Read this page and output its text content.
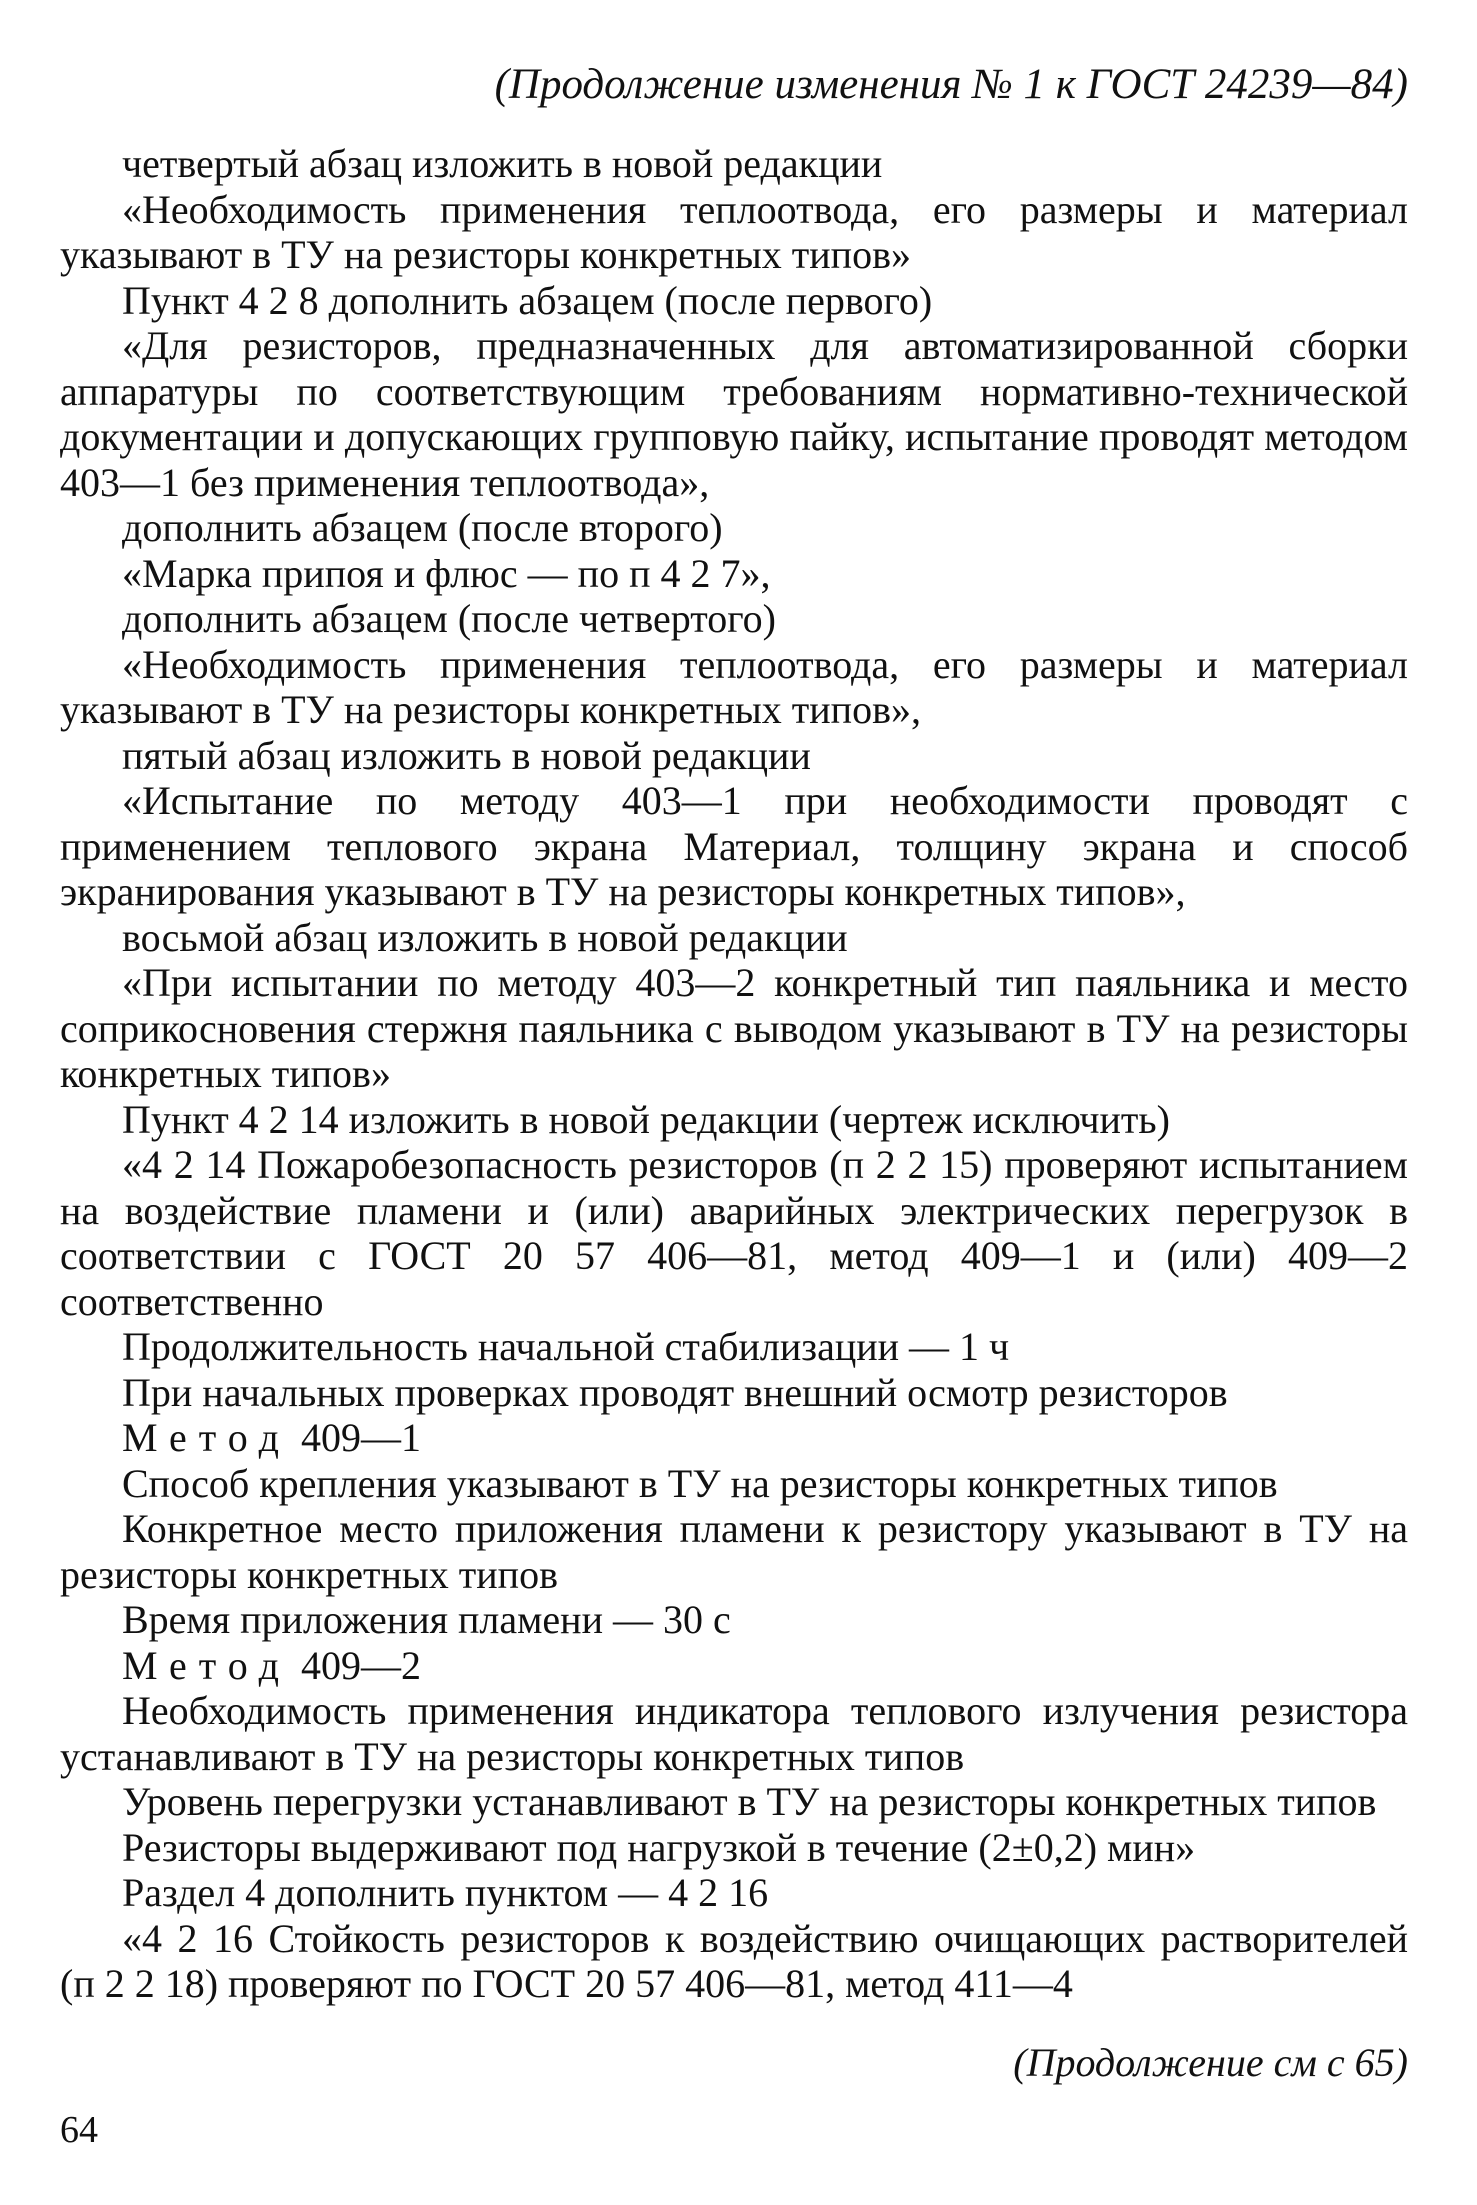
(Продолжение изменения № 1 к ГОСТ 24239—84)

четвертый абзац изложить в новой редакции

«Необходимость применения теплоотвода, его размеры и материал указывают в ТУ на резисторы конкретных типов»

Пункт 4 2 8 дополнить абзацем (после первого)

«Для резисторов, предназначенных для автоматизированной сборки аппаратуры по соответствующим требованиям нормативно-технической документации и допускающих групповую пайку, испытание проводят методом 403—1 без применения теплоотвода»,

дополнить абзацем (после второго)

«Марка припоя и флюс — по п 4 2 7»,

дополнить абзацем (после четвертого)

«Необходимость применения теплоотвода, его размеры и материал указывают в ТУ на резисторы конкретных типов»,

пятый абзац изложить в новой редакции

«Испытание по методу 403—1 при необходимости проводят с применением теплового экрана Материал, толщину экрана и способ экранирования указывают в ТУ на резисторы конкретных типов»,

восьмой абзац изложить в новой редакции

«При испытании по методу 403—2 конкретный тип паяльника и место соприкосновения стержня паяльника с выводом указывают в ТУ на резисторы конкретных типов»

Пункт 4 2 14 изложить в новой редакции (чертеж исключить)

«4 2 14 Пожаробезопасность резисторов (п 2 2 15) проверяют испытанием на воздействие пламени и (или) аварийных электрических перегрузок в соответствии с ГОСТ 20 57 406—81, метод 409—1 и (или) 409—2 соответственно

Продолжительность начальной стабилизации — 1 ч

При начальных проверках проводят внешний осмотр резисторов

Метод 409—1

Способ крепления указывают в ТУ на резисторы конкретных типов

Конкретное место приложения пламени к резистору указывают в ТУ на резисторы конкретных типов

Время приложения пламени — 30 с

Метод 409—2

Необходимость применения индикатора теплового излучения резистора устанавливают в ТУ на резисторы конкретных типов

Уровень перегрузки устанавливают в ТУ на резисторы конкретных типов

Резисторы выдерживают под нагрузкой в течение (2±0,2) мин»

Раздел 4 дополнить пунктом — 4 2 16

«4 2 16 Стойкость резисторов к воздействию очищающих растворителей (п 2 2 18) проверяют по ГОСТ 20 57 406—81, метод 411—4

(Продолжение см с 65)
64
